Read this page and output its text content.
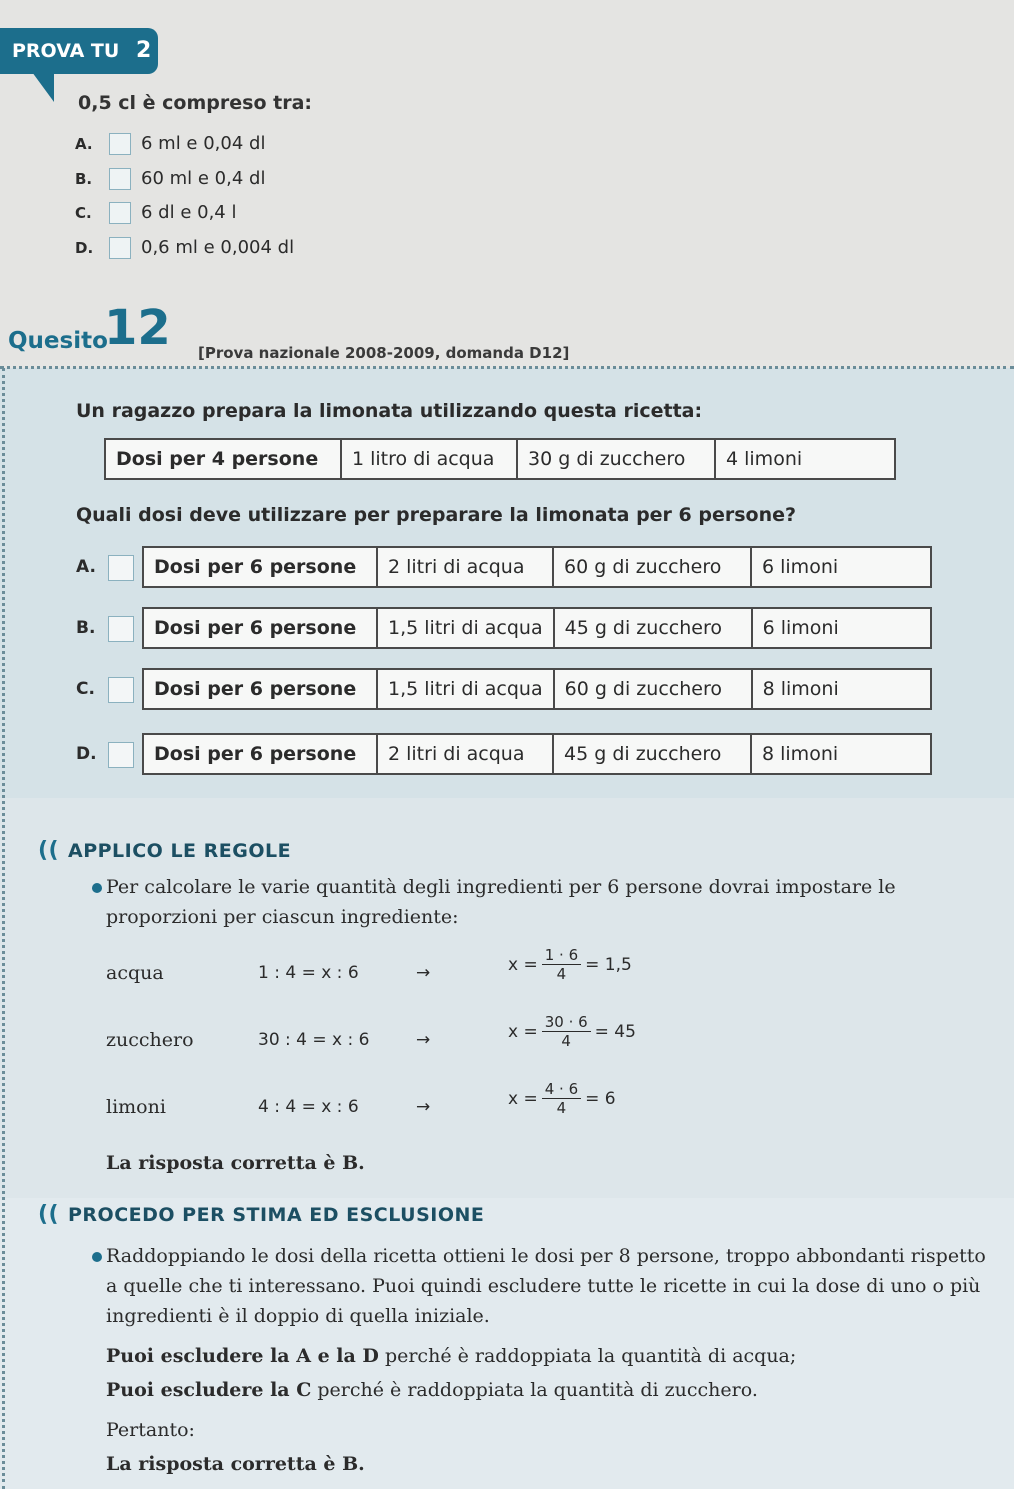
PROVA TU 2
0,5 cl è compreso tra:
A.	6 ml e 0,04 dl
B.	60 ml e 0,4 dl
C.	6 dl e 0,4 l
D.	0,6 ml e 0,004 dl
Quesito
12 [Prova nazionale 2008-2009, domanda D12]
Un ragazzo prepara la limonata utilizzando questa ricetta:
Dosi per 4 persone	1 litro di acqua	30 g di zucchero	4 limoni
Quali dosi deve utilizzare per preparare la limonata per 6 persone?
A.	Dosi per 6 persone	2 litri di acqua	60 g di zucchero	6 limoni
B.	Dosi per 6 persone	1,5 litri di acqua	45 g di zucchero	6 limoni
C.	Dosi per 6 persone	1,5 litri di acqua	60 g di zucchero	8 limoni
D.	Dosi per 6 persone	2 litri di acqua	45 g di zucchero	8 limoni
(( APPLICO LE REGOLE
Per calcolare le varie quantità degli ingredienti per 6 persone dovrai impostare le proporzioni per ciascun ingrediente:
acqua	1 : 4 = x : 6	→	$x = \frac{1 \cdot 6}{4} = 1,5$
zucchero	30 : 4 = x : 6	→	$x = \frac{30 \cdot 6}{4} = 45$
limoni	4 : 4 = x : 6	→	$x = \frac{4 \cdot 6}{4} = 6$
La risposta corretta è B.
(( PROCEDO PER STIMA ED ESCLUSIONE
Raddoppiando le dosi della ricetta ottieni le dosi per 8 persone, troppo abbondanti rispetto a quelle che ti interessano. Puoi quindi escludere tutte le ricette in cui la dose di uno o più ingredienti è il doppio di quella iniziale.
Puoi escludere la A e la D perché è raddoppiata la quantità di acqua;
Puoi escludere la C perché è raddoppiata la quantità di zucchero.
Pertanto:
La risposta corretta è B.
